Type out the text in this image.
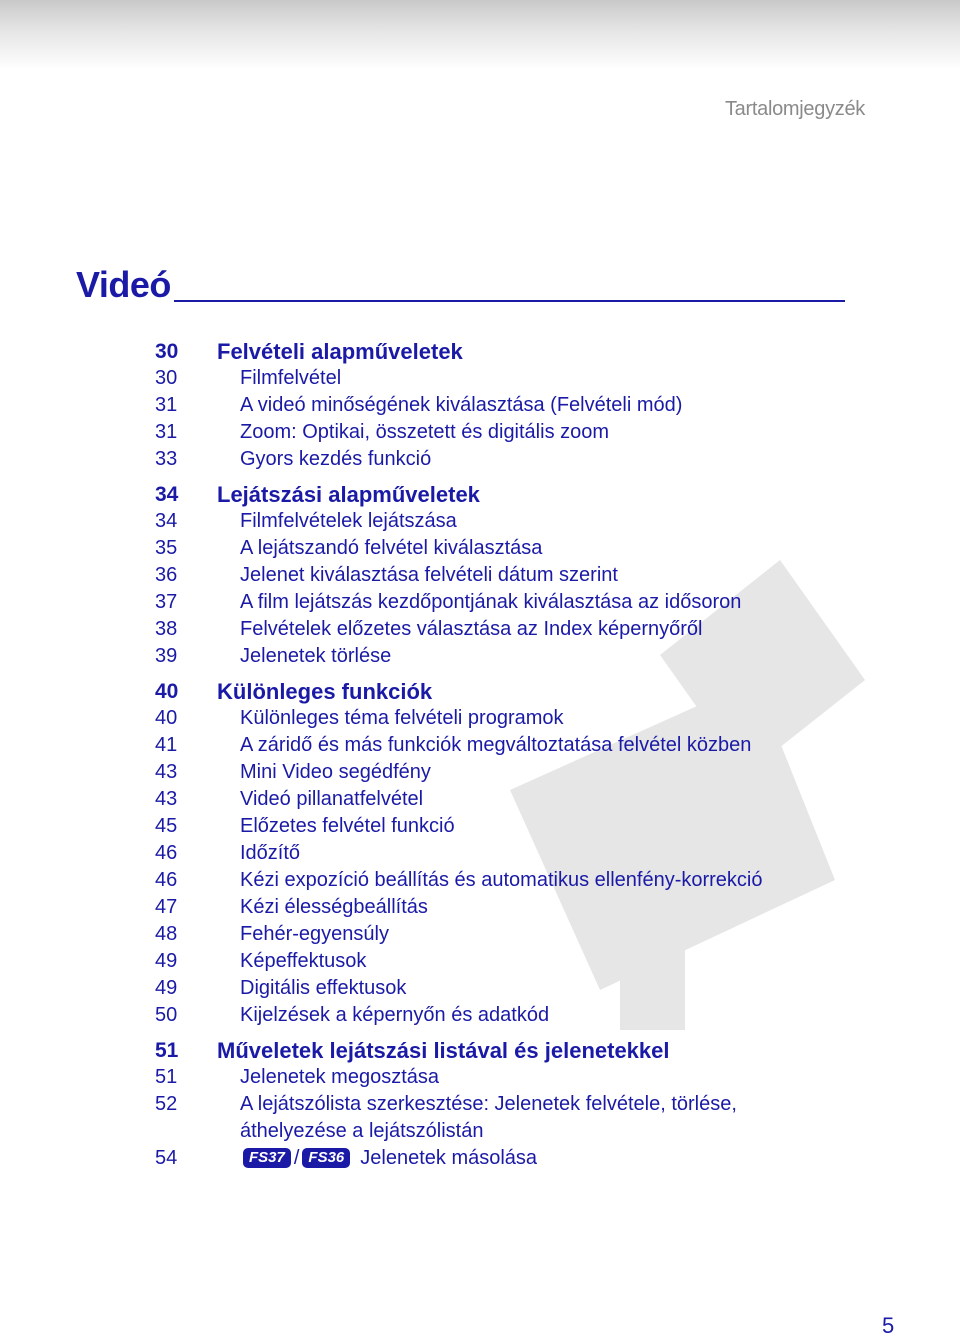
Tartalomjegyzék
Videó
30	Felvételi alapműveletek
30	Filmfelvétel
31	A videó minőségének kiválasztása (Felvételi mód)
31	Zoom: Optikai, összetett és digitális zoom
33	Gyors kezdés funkció
34	Lejátszási alapműveletek
34	Filmfelvételek lejátszása
35	A lejátszandó felvétel kiválasztása
36	Jelenet kiválasztása felvételi dátum szerint
37	A film lejátszás kezdőpontjának kiválasztása az idősoron
38	Felvételek előzetes választása az Index képernyőről
39	Jelenetek törlése
40	Különleges funkciók
40	Különleges téma felvételi programok
41	A záridő és más funkciók megváltoztatása felvétel közben
43	Mini Video segédfény
43	Videó pillanatfelvétel
45	Előzetes felvétel funkció
46	Időzítő
46	Kézi expozíció beállítás és automatikus ellenfény-korrekció
47	Kézi élességbeállítás
48	Fehér-egyensúly
49	Képeffektusok
49	Digitális effektusok
50	Kijelzések a képernyőn és adatkód
51	Műveletek lejátszási listával és jelenetekkel
51	Jelenetek megosztása
52	A lejátszólista szerkesztése: Jelenetek felvétele, törlése,
áthelyezése a lejátszólistán
54	FS37 / FS36 Jelenetek másolása
5
